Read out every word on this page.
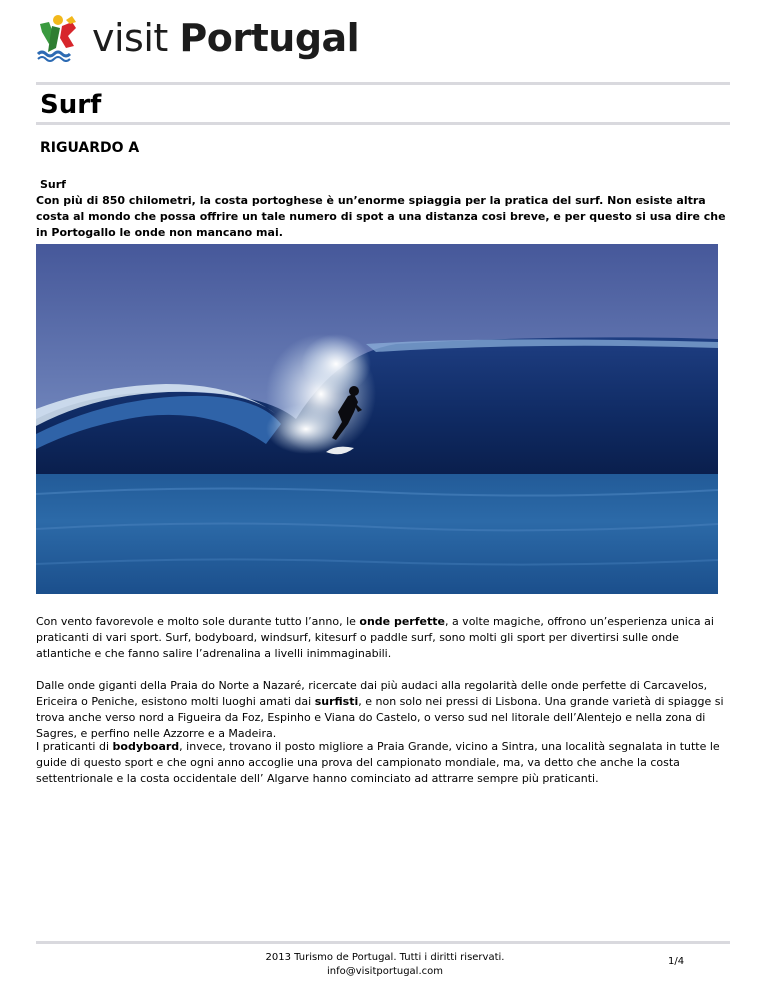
visit Portugal
Surf
RIGUARDO A
Surf

Con più di 850 chilometri, la costa portoghese è un’enorme spiaggia per la pratica del surf. Non esiste altra costa al mondo che possa offrire un tale numero di spot a una distanza cosi breve, e per questo si usa dire che in Portogallo le onde non mancano mai.

Con vento favorevole e molto sole durante tutto l’anno, le onde perfette, a volte magiche, offrono un’esperienza unica ai praticanti di vari sport. Surf, bodyboard, windsurf, kitesurf o paddle surf, sono molti gli sport per divertirsi sulle onde atlantiche e che fanno salire l’adrenalina a livelli inimmaginabili.

Dalle onde giganti della Praia do Norte a Nazaré, ricercate dai più audaci alla regolarità delle onde perfette di Carcavelos, Ericeira o Peniche, esistono molti luoghi amati dai surfisti, e non solo nei pressi di Lisbona. Una grande varietà di spiagge si trova anche verso nord a Figueira da Foz, Espinho e Viana do Castelo, o verso sud nel litorale dell’Alentejo e nella zona di Sagres, e perfino nelle Azzorre e a Madeira.

I praticanti di bodyboard, invece, trovano il posto migliore a Praia Grande, vicino a Sintra, una località segnalata in tutte le guide di questo sport e che ogni anno accoglie una prova del campionato mondiale, ma, va detto che anche la costa settentrionale e la costa occidentale dell’ Algarve hanno cominciato ad attrarre sempre più praticanti.

2013 Turismo de Portugal. Tutti i diritti riservati.
info@visitportugal.com
1/4
